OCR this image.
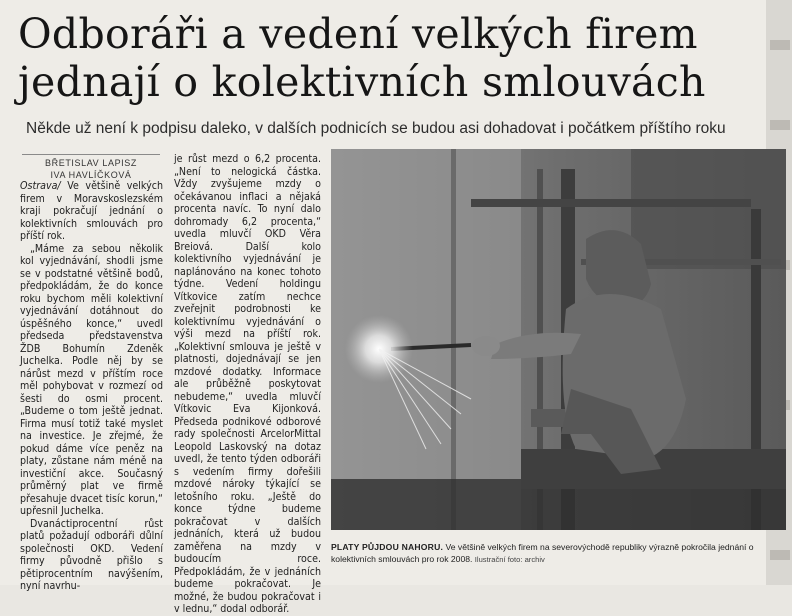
Odboráři a vedení velkých firem jednají o kolektivních smlouvách
Někde už není k podpisu daleko, v dalších podnicích se budou asi dohadovat i počátkem příštího roku
BŘETISLAV LAPISZ
IVA HAVLÍČKOVÁ

Ostrava/ Ve většině velkých firem v Moravskoslezském kraji pokračují jednání o kolektivních smlouvách pro příští rok.

„Máme za sebou několik kol vyjednávání, shodli jsme se v podstatné většině bodů, předpokládám, že do konce roku bychom měli kolektivní vyjednávání dotáhnout do úspěšného konce,“ uvedl předseda představenstva ŽDB Bohumín Zdeněk Juchelka. Podle něj by se nárůst mezd v příštím roce měl pohybovat v rozmezí od šesti do osmi procent. „Budeme o tom ještě jednat. Firma musí totiž také myslet na investice. Je zřejmé, že pokud dáme více peněz na platy, zůstane nám méně na investiční akce. Současný průměrný plat ve firmě přesahuje dvacet tisíc korun,“ upřesnil Juchelka.

Dvanáctiprocentní růst platů požadují odboráři důlní společnosti OKD. Vedení firmy původně přišlo s pětiprocentním navýšením, nyní navrhu-

je růst mezd o 6,2 procenta. „Není to nelogická částka. Vždy zvyšujeme mzdy o očekávanou inflaci a nějaká procenta navíc. To nyní dalo dohromady 6,2 procenta,“ uvedla mluvčí OKD Věra Breiová. Další kolo kolektivního vyjednávání je naplánováno na konec tohoto týdne. Vedení holdingu Vítkovice zatím nechce zveřejnit podrobnosti ke kolektivnímu vyjednávání o výši mezd na příští rok. „Kolektivní smlouva je ještě v platnosti, dojednávají se jen mzdové dodatky. Informace ale průběžně poskytovat nebudeme,“ uvedla mluvčí Vítkovic Eva Kijonková. Předseda podnikové odborové rady společnosti ArcelorMittal Leopold Laskovský na dotaz uvedl, že tento týden odboráři s vedením firmy dořešili mzdové nároky týkající se letošního roku. „Ještě do konce týdne budeme pokračovat v dalších jednáních, která už budou zaměřena na mzdy v budoucím roce. Předpokládám, že v jednáních budeme pokračovat. Je možné, že budou pokračovat i v lednu,“ dodal odborář.

PLATY PŮJDOU NAHORU. Ve většině velkých firem na severovýchodě republiky výrazně pokročila jednání o kolektivních smlouvách pro rok 2008. Ilustrační foto: archiv
